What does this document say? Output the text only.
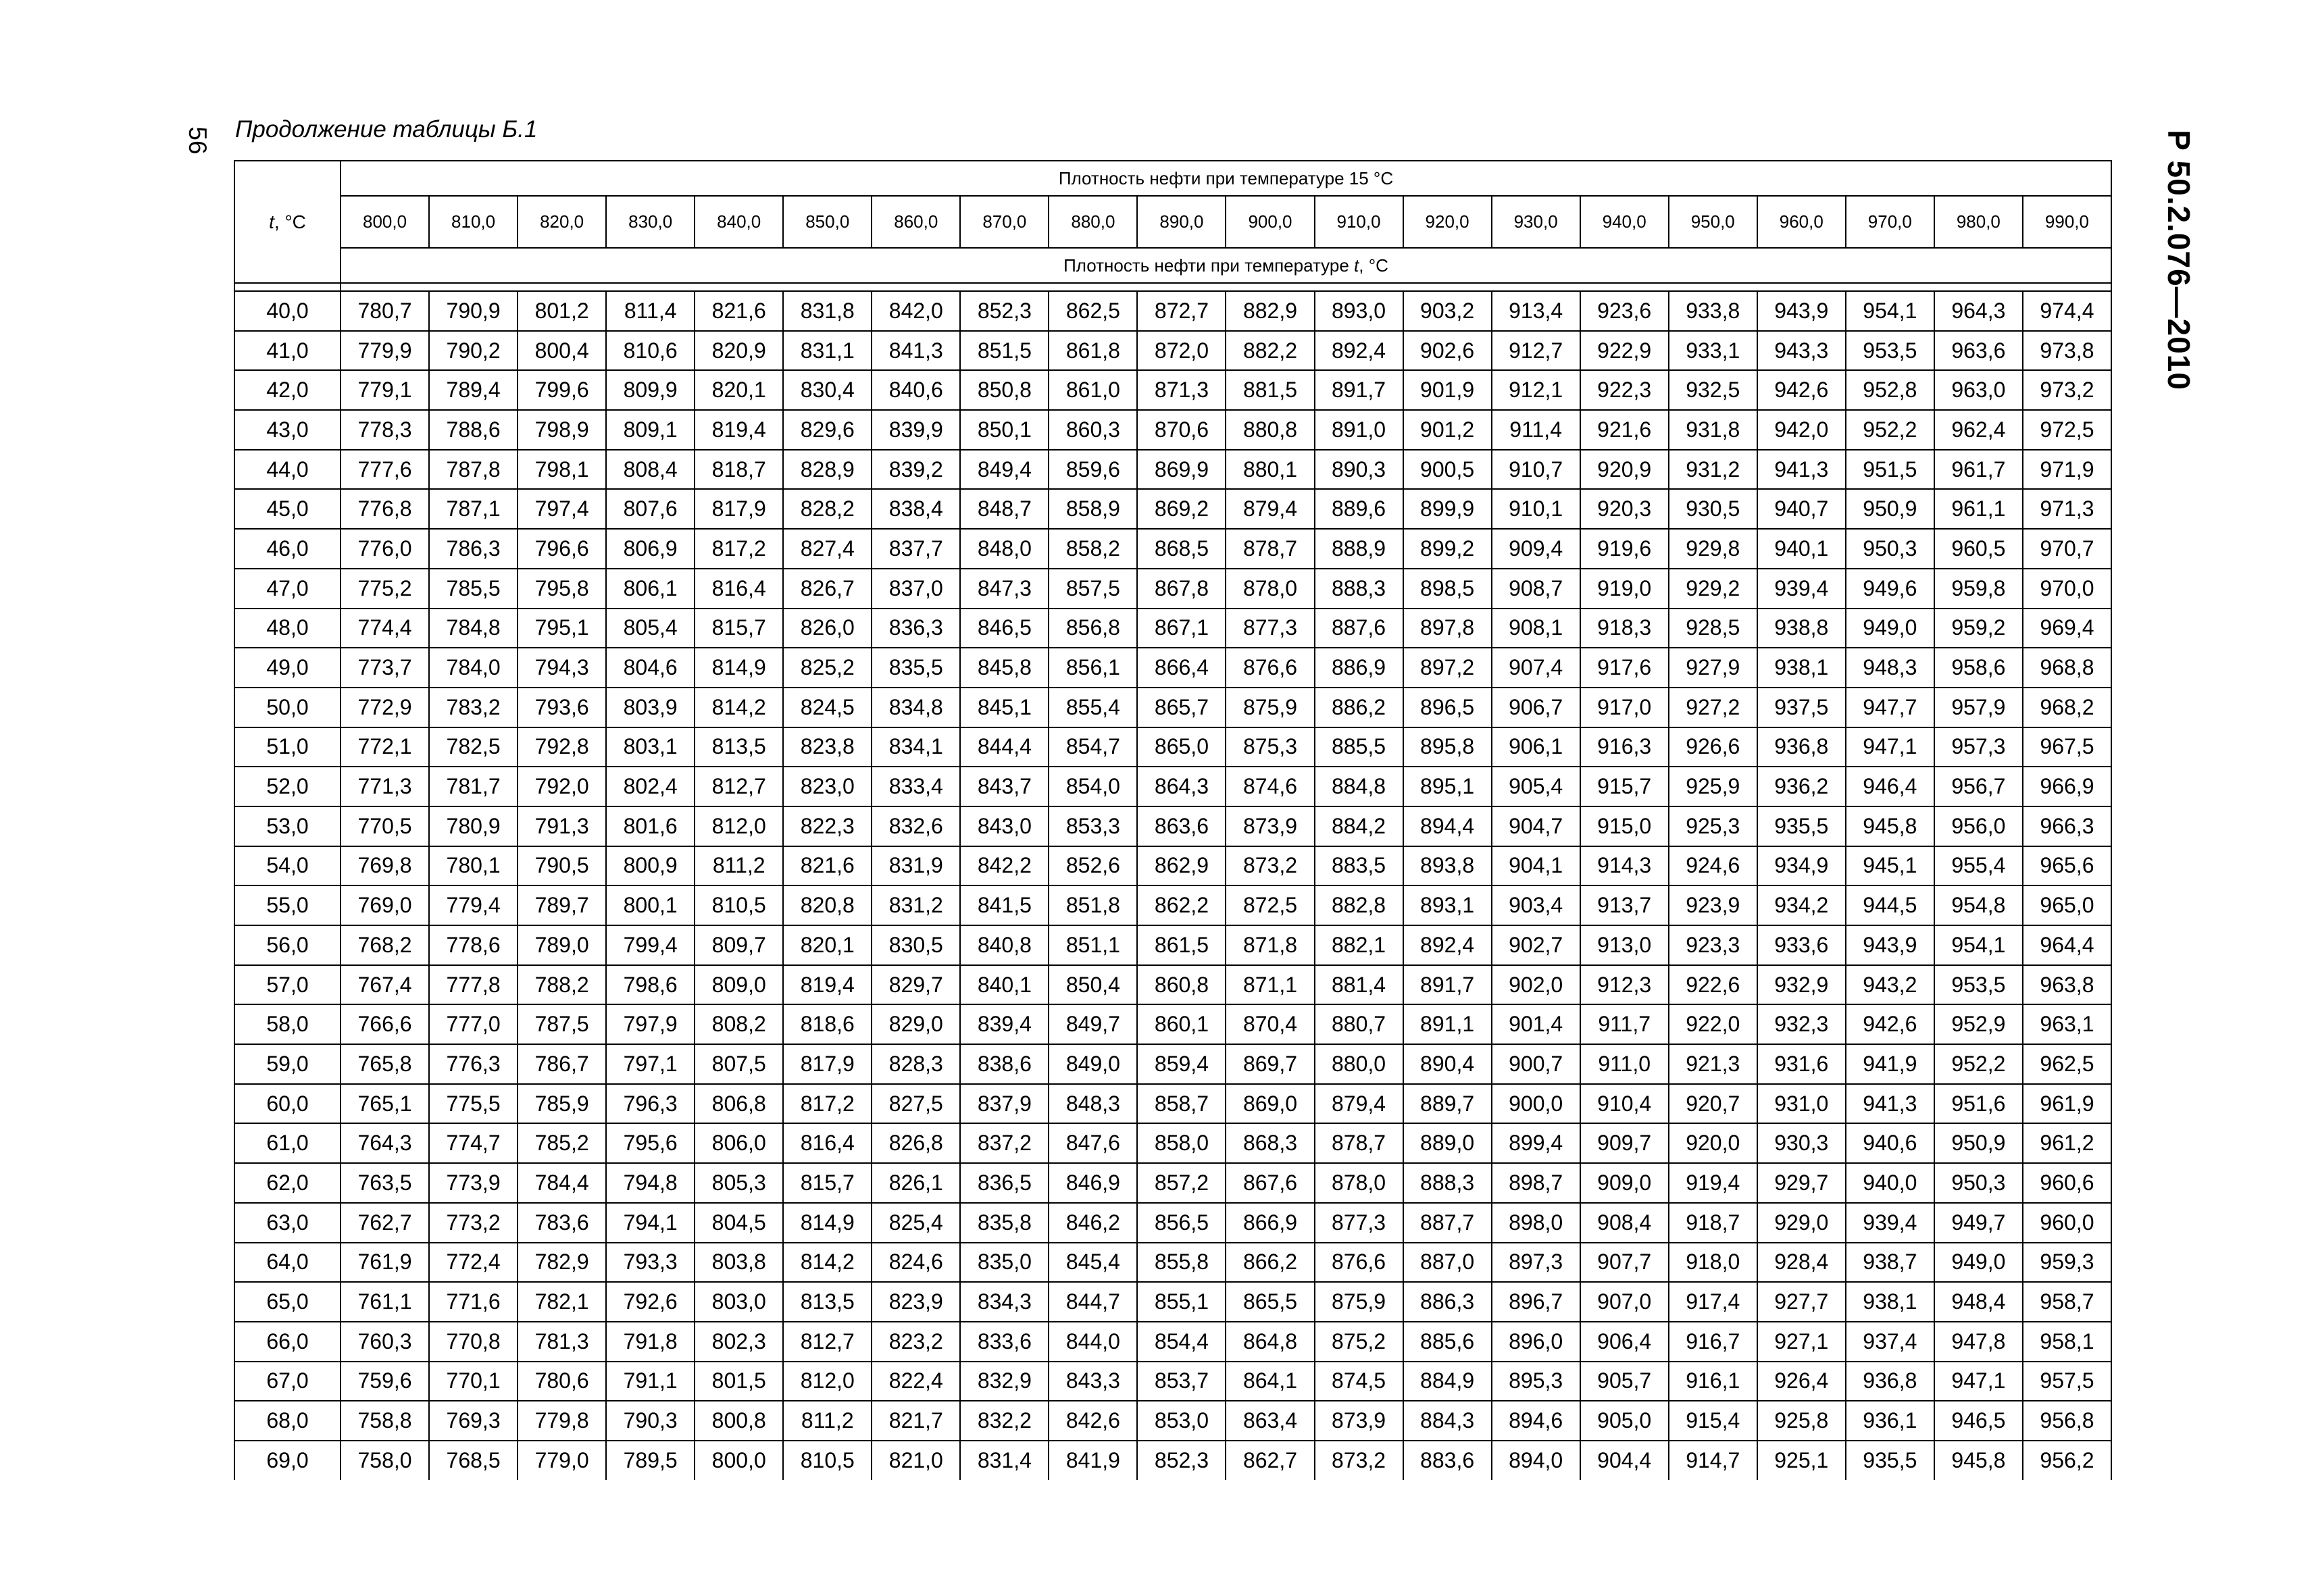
56 Продолжение таблицы Б.1
Р 50.2.076—2010
t, °С	Плотность нефти при температуре 15 °С																			
	800,0	810,0	820,0	830,0	840,0	850,0	860,0	870,0	880,0	890,0	900,0	910,0	920,0	930,0	940,0	950,0	960,0	970,0	980,0	990,0
	Плотность нефти при температуре t, °С																			

40,0	780,7	790,9	801,2	811,4	821,6	831,8	842,0	852,3	862,5	872,7	882,9	893,0	903,2	913,4	923,6	933,8	943,9	954,1	964,3	974,4
41,0	779,9	790,2	800,4	810,6	820,9	831,1	841,3	851,5	861,8	872,0	882,2	892,4	902,6	912,7	922,9	933,1	943,3	953,5	963,6	973,8
42,0	779,1	789,4	799,6	809,9	820,1	830,4	840,6	850,8	861,0	871,3	881,5	891,7	901,9	912,1	922,3	932,5	942,6	952,8	963,0	973,2
43,0	778,3	788,6	798,9	809,1	819,4	829,6	839,9	850,1	860,3	870,6	880,8	891,0	901,2	911,4	921,6	931,8	942,0	952,2	962,4	972,5
44,0	777,6	787,8	798,1	808,4	818,7	828,9	839,2	849,4	859,6	869,9	880,1	890,3	900,5	910,7	920,9	931,2	941,3	951,5	961,7	971,9
45,0	776,8	787,1	797,4	807,6	817,9	828,2	838,4	848,7	858,9	869,2	879,4	889,6	899,9	910,1	920,3	930,5	940,7	950,9	961,1	971,3
46,0	776,0	786,3	796,6	806,9	817,2	827,4	837,7	848,0	858,2	868,5	878,7	888,9	899,2	909,4	919,6	929,8	940,1	950,3	960,5	970,7
47,0	775,2	785,5	795,8	806,1	816,4	826,7	837,0	847,3	857,5	867,8	878,0	888,3	898,5	908,7	919,0	929,2	939,4	949,6	959,8	970,0
48,0	774,4	784,8	795,1	805,4	815,7	826,0	836,3	846,5	856,8	867,1	877,3	887,6	897,8	908,1	918,3	928,5	938,8	949,0	959,2	969,4
49,0	773,7	784,0	794,3	804,6	814,9	825,2	835,5	845,8	856,1	866,4	876,6	886,9	897,2	907,4	917,6	927,9	938,1	948,3	958,6	968,8
50,0	772,9	783,2	793,6	803,9	814,2	824,5	834,8	845,1	855,4	865,7	875,9	886,2	896,5	906,7	917,0	927,2	937,5	947,7	957,9	968,2
51,0	772,1	782,5	792,8	803,1	813,5	823,8	834,1	844,4	854,7	865,0	875,3	885,5	895,8	906,1	916,3	926,6	936,8	947,1	957,3	967,5
52,0	771,3	781,7	792,0	802,4	812,7	823,0	833,4	843,7	854,0	864,3	874,6	884,8	895,1	905,4	915,7	925,9	936,2	946,4	956,7	966,9
53,0	770,5	780,9	791,3	801,6	812,0	822,3	832,6	843,0	853,3	863,6	873,9	884,2	894,4	904,7	915,0	925,3	935,5	945,8	956,0	966,3
54,0	769,8	780,1	790,5	800,9	811,2	821,6	831,9	842,2	852,6	862,9	873,2	883,5	893,8	904,1	914,3	924,6	934,9	945,1	955,4	965,6
55,0	769,0	779,4	789,7	800,1	810,5	820,8	831,2	841,5	851,8	862,2	872,5	882,8	893,1	903,4	913,7	923,9	934,2	944,5	954,8	965,0
56,0	768,2	778,6	789,0	799,4	809,7	820,1	830,5	840,8	851,1	861,5	871,8	882,1	892,4	902,7	913,0	923,3	933,6	943,9	954,1	964,4
57,0	767,4	777,8	788,2	798,6	809,0	819,4	829,7	840,1	850,4	860,8	871,1	881,4	891,7	902,0	912,3	922,6	932,9	943,2	953,5	963,8
58,0	766,6	777,0	787,5	797,9	808,2	818,6	829,0	839,4	849,7	860,1	870,4	880,7	891,1	901,4	911,7	922,0	932,3	942,6	952,9	963,1
59,0	765,8	776,3	786,7	797,1	807,5	817,9	828,3	838,6	849,0	859,4	869,7	880,0	890,4	900,7	911,0	921,3	931,6	941,9	952,2	962,5
60,0	765,1	775,5	785,9	796,3	806,8	817,2	827,5	837,9	848,3	858,7	869,0	879,4	889,7	900,0	910,4	920,7	931,0	941,3	951,6	961,9
61,0	764,3	774,7	785,2	795,6	806,0	816,4	826,8	837,2	847,6	858,0	868,3	878,7	889,0	899,4	909,7	920,0	930,3	940,6	950,9	961,2
62,0	763,5	773,9	784,4	794,8	805,3	815,7	826,1	836,5	846,9	857,2	867,6	878,0	888,3	898,7	909,0	919,4	929,7	940,0	950,3	960,6
63,0	762,7	773,2	783,6	794,1	804,5	814,9	825,4	835,8	846,2	856,5	866,9	877,3	887,7	898,0	908,4	918,7	929,0	939,4	949,7	960,0
64,0	761,9	772,4	782,9	793,3	803,8	814,2	824,6	835,0	845,4	855,8	866,2	876,6	887,0	897,3	907,7	918,0	928,4	938,7	949,0	959,3
65,0	761,1	771,6	782,1	792,6	803,0	813,5	823,9	834,3	844,7	855,1	865,5	875,9	886,3	896,7	907,0	917,4	927,7	938,1	948,4	958,7
66,0	760,3	770,8	781,3	791,8	802,3	812,7	823,2	833,6	844,0	854,4	864,8	875,2	885,6	896,0	906,4	916,7	927,1	937,4	947,8	958,1
67,0	759,6	770,1	780,6	791,1	801,5	812,0	822,4	832,9	843,3	853,7	864,1	874,5	884,9	895,3	905,7	916,1	926,4	936,8	947,1	957,5
68,0	758,8	769,3	779,8	790,3	800,8	811,2	821,7	832,2	842,6	853,0	863,4	873,9	884,3	894,6	905,0	915,4	925,8	936,1	946,5	956,8
69,0	758,0	768,5	779,0	789,5	800,0	810,5	821,0	831,4	841,9	852,3	862,7	873,2	883,6	894,0	904,4	914,7	925,1	935,5	945,8	956,2
